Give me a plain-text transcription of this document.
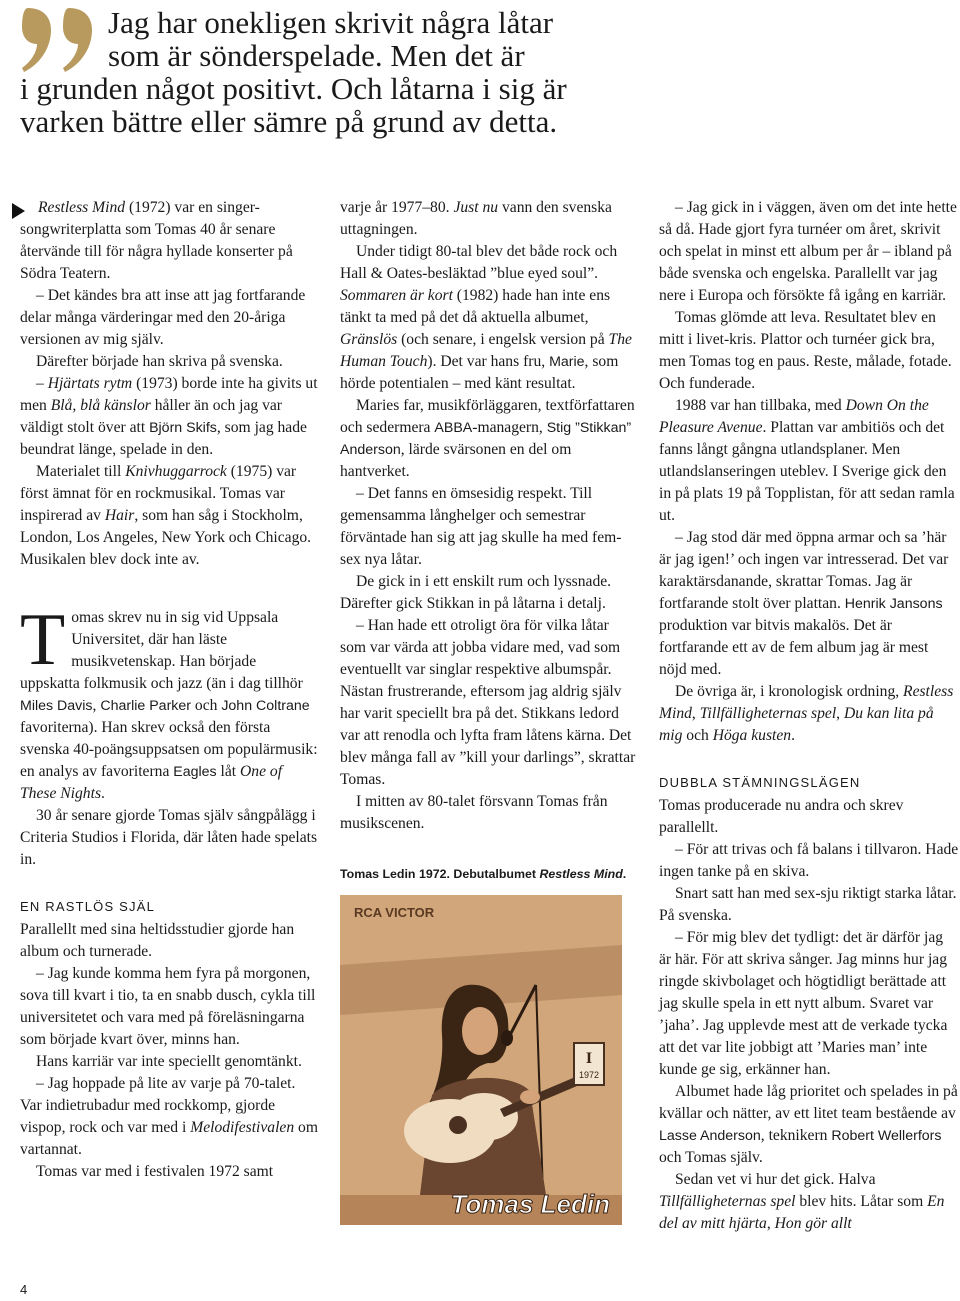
Jag har onekligen skrivit några låtar
som är sönderspelade. Men det är
i grunden något positivt. Och låtarna i sig är
varken bättre eller sämre på grund av detta.

Restless Mind (1972) var en singer-songwriterplatta som Tomas 40 år senare återvände till för några hyllade konserter på Södra Teatern.

– Det kändes bra att inse att jag fortfarande delar många värderingar med den 20-åriga versionen av mig själv.

Därefter började han skriva på svenska.

– Hjärtats rytm (1973) borde inte ha givits ut men Blå, blå känslor håller än och jag var väldigt stolt över att Björn Skifs, som jag hade beundrat länge, spelade in den.

Materialet till Knivhuggarrock (1975) var först ämnat för en rockmusikal. Tomas var inspirerad av Hair, som han såg i Stockholm, London, Los Angeles, New York och Chicago. Musikalen blev dock inte av.

Tomas skrev nu in sig vid Uppsala Universitet, där han läste musikvetenskap. Han började uppskatta folkmusik och jazz (än i dag tillhör Miles Davis, Charlie Parker och John Coltrane favoriterna). Han skrev också den första svenska 40-poängsuppsatsen om populärmusik: en analys av favoriterna Eagles låt One of These Nights.

30 år senare gjorde Tomas själv sångpålägg i Criteria Studios i Florida, där låten hade spelats in.

EN RASTLÖS SJÄL

Parallellt med sina heltidsstudier gjorde han album och turnerade.

– Jag kunde komma hem fyra på morgonen, sova till kvart i tio, ta en snabb dusch, cykla till universitetet och vara med på föreläsningarna som började kvart över, minns han.

Hans karriär var inte speciellt genomtänkt.

– Jag hoppade på lite av varje på 70-talet. Var indietrubadur med rockkomp, gjorde vispop, rock och var med i Melodifestivalen om vartannat.

Tomas var med i festivalen 1972 samt

varje år 1977–80. Just nu vann den svenska uttagningen.

Under tidigt 80-tal blev det både rock och Hall & Oates-besläktad ”blue eyed soul”. Sommaren är kort (1982) hade han inte ens tänkt ta med på det då aktuella albumet, Gränslös (och senare, i engelsk version på The Human Touch). Det var hans fru, Marie, som hörde potentialen – med känt resultat.

Maries far, musikförläggaren, textförfattaren och sedermera ABBA-managern, Stig ”Stikkan” Anderson, lärde svärsonen en del om hantverket.

– Det fanns en ömsesidig respekt. Till gemensamma långhelger och semestrar förväntade han sig att jag skulle ha med fem-sex nya låtar.

De gick in i ett enskilt rum och lyssnade. Därefter gick Stikkan in på låtarna i detalj.

– Han hade ett otroligt öra för vilka låtar som var värda att jobba vidare med, vad som eventuellt var singlar respektive albumspår. Nästan frustrerande, eftersom jag aldrig själv har varit speciellt bra på det. Stikkans ledord var att renodla och lyfta fram låtens kärna. Det blev många fall av ”kill your darlings”, skrattar Tomas.

I mitten av 80-talet försvann Tomas från musikscenen.

Tomas Ledin 1972. Debutalbumet Restless Mind.
RCA VICTOR
I
1972
Tomas Ledin

– Jag gick in i väggen, även om det inte hette så då. Hade gjort fyra turnéer om året, skrivit och spelat in minst ett album per år – ibland på både svenska och engelska. Parallellt var jag nere i Europa och försökte få igång en karriär.

Tomas glömde att leva. Resultatet blev en mitt i livet-kris. Plattor och turnéer gick bra, men Tomas tog en paus. Reste, målade, fotade. Och funderade.

1988 var han tillbaka, med Down On the Pleasure Avenue. Plattan var ambitiös och det fanns långt gångna utlandsplaner. Men utlandslanseringen uteblev. I Sverige gick den in på plats 19 på Topplistan, för att sedan ramla ut.

– Jag stod där med öppna armar och sa ’här är jag igen!’ och ingen var intresserad. Det var karaktärsdanande, skrattar Tomas. Jag är fortfarande stolt över plattan. Henrik Jansons produktion var bitvis makalös. Det är fortfarande ett av de fem album jag är mest nöjd med.

De övriga är, i kronologisk ordning, Restless Mind, Tillfälligheternas spel, Du kan lita på mig och Höga kusten.

DUBBLA STÄMNINGSLÄGEN

Tomas producerade nu andra och skrev parallellt.

– För att trivas och få balans i tillvaron. Hade ingen tanke på en skiva.

Snart satt han med sex-sju riktigt starka låtar. På svenska.

– För mig blev det tydligt: det är därför jag är här. För att skriva sånger. Jag minns hur jag ringde skivbolaget och högtidligt berättade att jag skulle spela in ett nytt album. Svaret var ’jaha’. Jag upplevde mest att de verkade tycka att det var lite jobbigt att ’Maries man’ inte kunde ge sig, erkänner han.

Albumet hade låg prioritet och spelades in på kvällar och nätter, av ett litet team bestående av Lasse Anderson, teknikern Robert Wellerfors och Tomas själv.

Sedan vet vi hur det gick. Halva Tillfälligheternas spel blev hits. Låtar som En del av mitt hjärta, Hon gör allt

4
